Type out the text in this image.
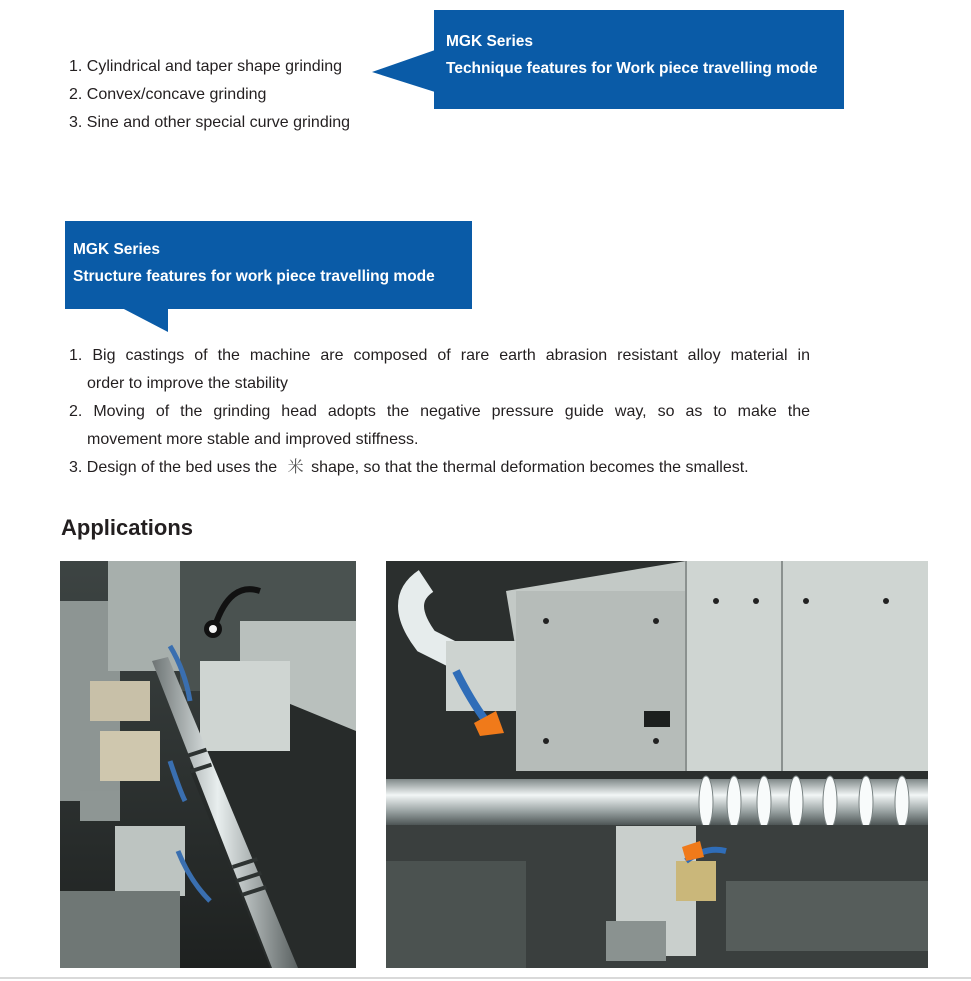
MGK Series
Technique features for Work piece travelling mode
1. Cylindrical and taper shape grinding
2. Convex/concave grinding
3. Sine and other special curve grinding
MGK Series
Structure features for work piece travelling mode
1. Big castings of the machine are composed of rare earth abrasion resistant alloy material in
order to improve the stability
2. Moving of the grinding head adopts the negative pressure guide way, so as to make the
movement more stable and improved stiffness.
3. Design of the bed uses the 米 shape, so that the thermal deformation becomes the smallest.
Applications
